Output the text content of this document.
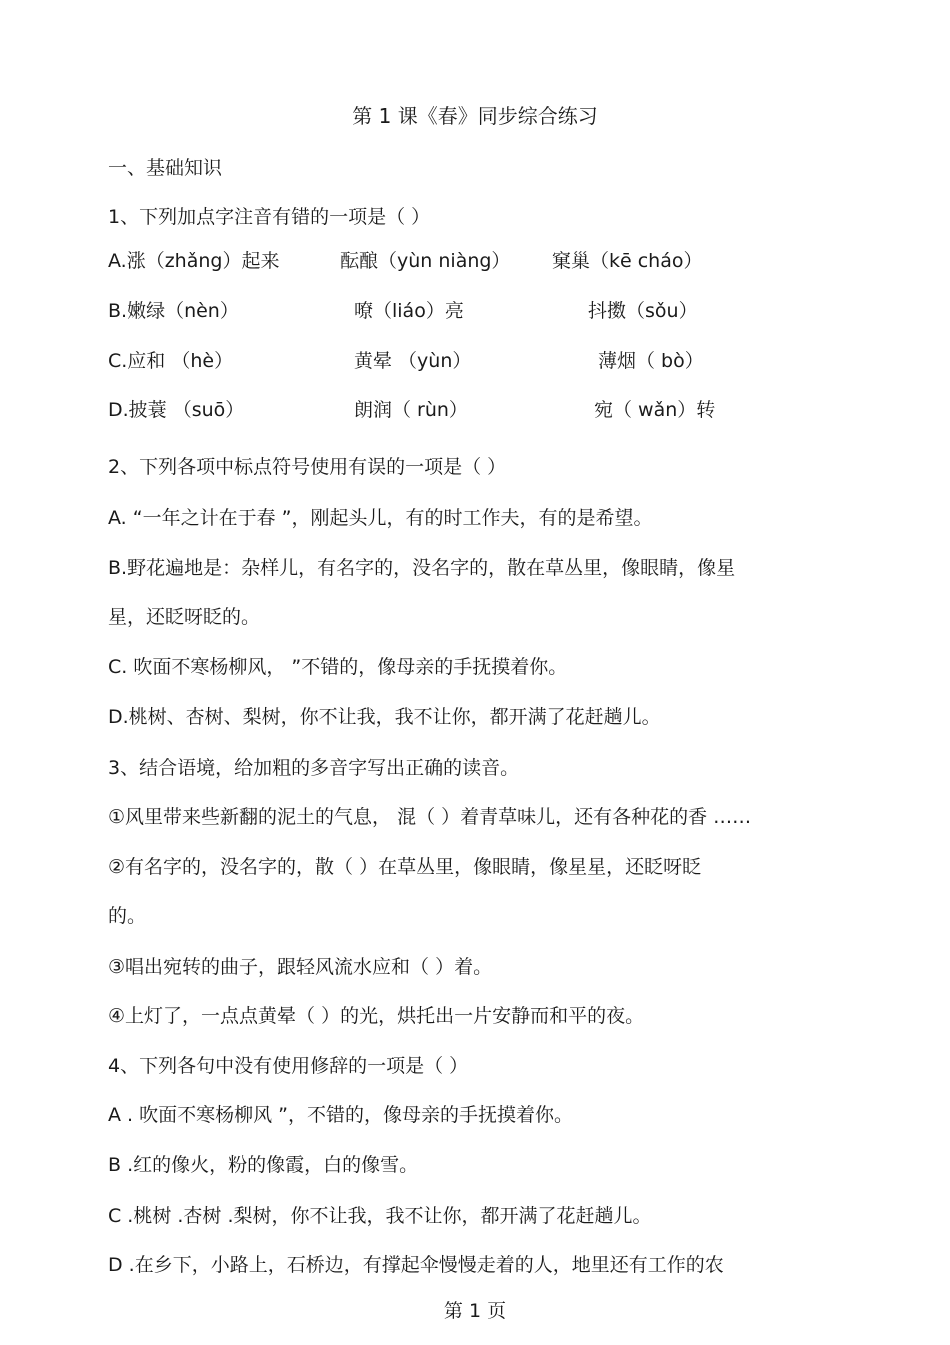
第 1 课《春》同步综合练习
一、基础知识
1、下列加点字注音有错的一项是（ ）
A.涨（zhǎng）起来	酝酿（yùn niàng） 窠巢（kē cháo）
B.嫩绿（nèn）	嘹（liáo）亮	抖擞（sǒu）
C.应和 （hè）	黄晕 （yùn）	薄烟（ bò）
D.披蓑 （suō）	朗润（ rùn）	宛（ wǎn）转
2、下列各项中标点符号使用有误的一项是（ ）
A. “一年之计在于春 ”，刚起头儿，有的时工作夫，有的是希望。
B.野花遍地是：杂样儿，有名字的，没名字的，散在草丛里，像眼睛，像星
星，还眨呀眨的。
C. 吹面不寒杨柳风， ”不错的，像母亲的手抚摸着你。
D.桃树、杏树、梨树，你不让我，我不让你，都开满了花赶趟儿。
3、结合语境，给加粗的多音字写出正确的读音。
①风里带来些新翻的泥土的气息， 混（ ）着青草味儿，还有各种花的香 ……
②有名字的，没名字的，散（ ）在草丛里，像眼睛，像星星，还眨呀眨
的。
③唱出宛转的曲子，跟轻风流水应和（ ）着。
④上灯了，一点点黄晕（ ）的光，烘托出一片安静而和平的夜。
4、下列各句中没有使用修辞的一项是（ ）
A . 吹面不寒杨柳风 ”，不错的，像母亲的手抚摸着你。
B .红的像火，粉的像霞，白的像雪。
C .桃树 .杏树 .梨树，你不让我，我不让你，都开满了花赶趟儿。
D .在乡下，小路上，石桥边，有撑起伞慢慢走着的人，地里还有工作的农
第 1 页
